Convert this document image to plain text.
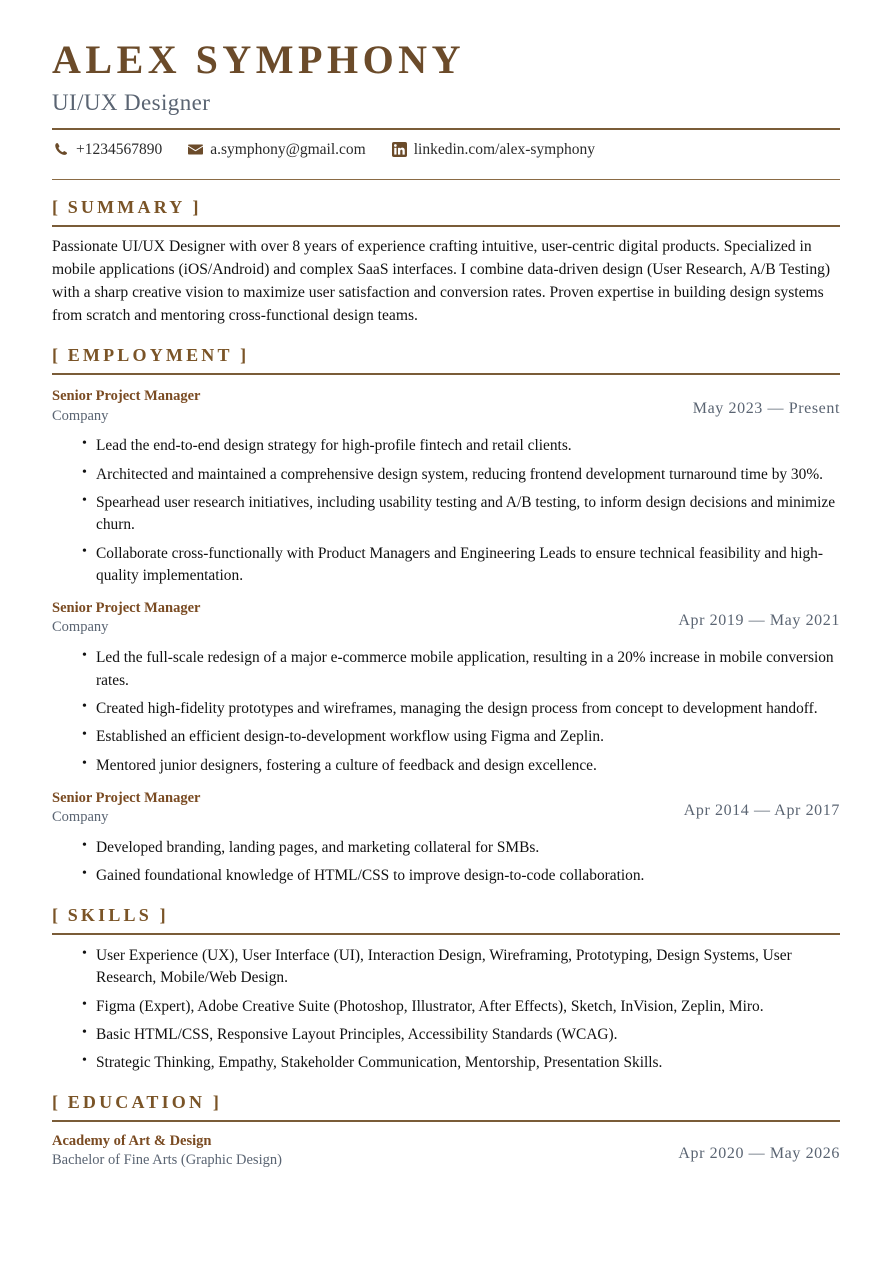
ALEX SYMPHONY
UI/UX Designer
+1234567890	a.symphony@gmail.com	linkedin.com/alex-symphony
[ SUMMARY ]

Passionate UI/UX Designer with over 8 years of experience crafting intuitive, user-centric digital products. Specialized in mobile applications (iOS/Android) and complex SaaS interfaces. I combine data-driven design (User Research, A/B Testing) with a sharp creative vision to maximize user satisfaction and conversion rates. Proven expertise in building design systems from scratch and mentoring cross-functional design teams.

[ EMPLOYMENT ]
Senior Project Manager
Company	May 2023 — Present
• Lead the end-to-end design strategy for high-profile fintech and retail clients.
• Architected and maintained a comprehensive design system, reducing frontend development turnaround time by 30%.
• Spearhead user research initiatives, including usability testing and A/B testing, to inform design decisions and minimize churn.
• Collaborate cross-functionally with Product Managers and Engineering Leads to ensure technical feasibility and high-quality implementation.
Senior Project Manager
Company	Apr 2019 — May 2021
• Led the full-scale redesign of a major e-commerce mobile application, resulting in a 20% increase in mobile conversion rates.
• Created high-fidelity prototypes and wireframes, managing the design process from concept to development handoff.
• Established an efficient design-to-development workflow using Figma and Zeplin.
• Mentored junior designers, fostering a culture of feedback and design excellence.
Senior Project Manager
Company	Apr 2014 — Apr 2017
• Developed branding, landing pages, and marketing collateral for SMBs.
• Gained foundational knowledge of HTML/CSS to improve design-to-code collaboration.
[ SKILLS ]
• User Experience (UX), User Interface (UI), Interaction Design, Wireframing, Prototyping, Design Systems, User Research, Mobile/Web Design.
• Figma (Expert), Adobe Creative Suite (Photoshop, Illustrator, After Effects), Sketch, InVision, Zeplin, Miro.
• Basic HTML/CSS, Responsive Layout Principles, Accessibility Standards (WCAG).
• Strategic Thinking, Empathy, Stakeholder Communication, Mentorship, Presentation Skills.
[ EDUCATION ]
Academy of Art & Design
Bachelor of Fine Arts (Graphic Design)	Apr 2020 — May 2026
